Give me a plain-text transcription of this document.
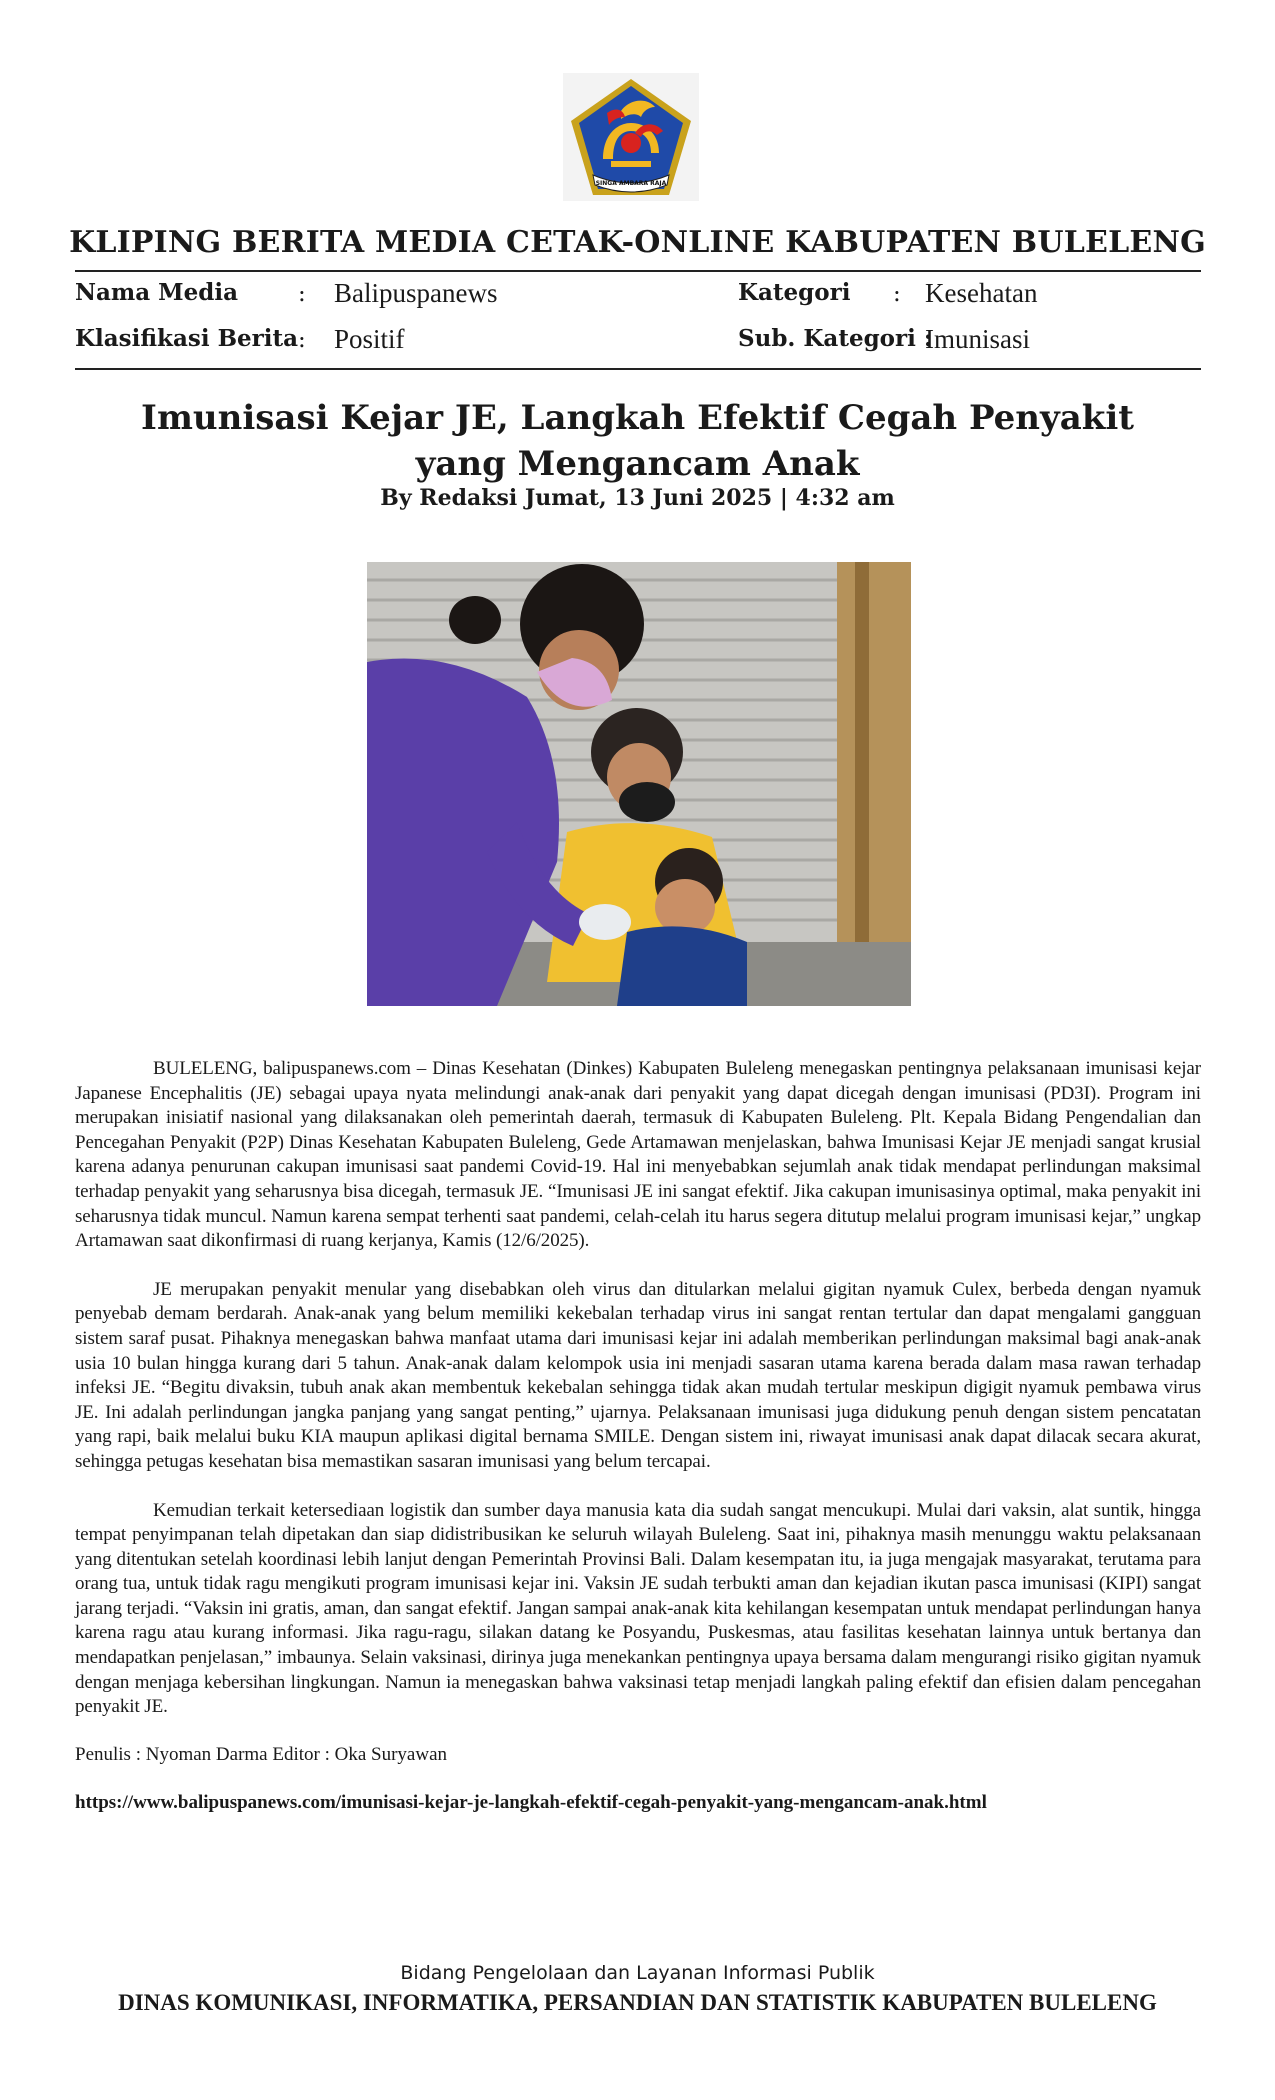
SINGA AMBARA RAJA
KLIPING BERITA MEDIA CETAK-ONLINE KABUPATEN BULELENG
Nama Media	: Balipuspanews
Klasifikasi Berita : Positif
Kategori : Kesehatan
Sub. Kategori :
Imunisasi
Imunisasi Kejar JE, Langkah Efektif Cegah Penyakit
yang Mengancam Anak
By Redaksi Jumat, 13 Juni 2025 | 4:32 am

BULELENG, balipuspanews.com – Dinas Kesehatan (Dinkes) Kabupaten Buleleng menegaskan pentingnya pelaksanaan imunisasi kejar Japanese Encephalitis (JE) sebagai upaya nyata melindungi anak-anak dari penyakit yang dapat dicegah dengan imunisasi (PD3I). Program ini merupakan inisiatif nasional yang dilaksanakan oleh pemerintah daerah, termasuk di Kabupaten Buleleng. Plt. Kepala Bidang Pengendalian dan Pencegahan Penyakit (P2P) Dinas Kesehatan Kabupaten Buleleng, Gede Artamawan menjelaskan, bahwa Imunisasi Kejar JE menjadi sangat krusial karena adanya penurunan cakupan imunisasi saat pandemi Covid-19. Hal ini menyebabkan sejumlah anak tidak mendapat perlindungan maksimal terhadap penyakit yang seharusnya bisa dicegah, termasuk JE. “Imunisasi JE ini sangat efektif. Jika cakupan imunisasinya optimal, maka penyakit ini seharusnya tidak muncul. Namun karena sempat terhenti saat pandemi, celah-celah itu harus segera ditutup melalui program imunisasi kejar,” ungkap Artamawan saat dikonfirmasi di ruang kerjanya, Kamis (12/6/2025).

JE merupakan penyakit menular yang disebabkan oleh virus dan ditularkan melalui gigitan nyamuk Culex, berbeda dengan nyamuk penyebab demam berdarah. Anak-anak yang belum memiliki kekebalan terhadap virus ini sangat rentan tertular dan dapat mengalami gangguan sistem saraf pusat. Pihaknya menegaskan bahwa manfaat utama dari imunisasi kejar ini adalah memberikan perlindungan maksimal bagi anak-anak usia 10 bulan hingga kurang dari 5 tahun. Anak-anak dalam kelompok usia ini menjadi sasaran utama karena berada dalam masa rawan terhadap infeksi JE. “Begitu divaksin, tubuh anak akan membentuk kekebalan sehingga tidak akan mudah tertular meskipun digigit nyamuk pembawa virus JE. Ini adalah perlindungan jangka panjang yang sangat penting,” ujarnya. Pelaksanaan imunisasi juga didukung penuh dengan sistem pencatatan yang rapi, baik melalui buku KIA maupun aplikasi digital bernama SMILE. Dengan sistem ini, riwayat imunisasi anak dapat dilacak secara akurat, sehingga petugas kesehatan bisa memastikan sasaran imunisasi yang belum tercapai.

Kemudian terkait ketersediaan logistik dan sumber daya manusia kata dia sudah sangat mencukupi. Mulai dari vaksin, alat suntik, hingga tempat penyimpanan telah dipetakan dan siap didistribusikan ke seluruh wilayah Buleleng. Saat ini, pihaknya masih menunggu waktu pelaksanaan yang ditentukan setelah koordinasi lebih lanjut dengan Pemerintah Provinsi Bali. Dalam kesempatan itu, ia juga mengajak masyarakat, terutama para orang tua, untuk tidak ragu mengikuti program imunisasi kejar ini. Vaksin JE sudah terbukti aman dan kejadian ikutan pasca imunisasi (KIPI) sangat jarang terjadi. “Vaksin ini gratis, aman, dan sangat efektif. Jangan sampai anak-anak kita kehilangan kesempatan untuk mendapat perlindungan hanya karena ragu atau kurang informasi. Jika ragu-ragu, silakan datang ke Posyandu, Puskesmas, atau fasilitas kesehatan lainnya untuk bertanya dan mendapatkan penjelasan,” imbaunya. Selain vaksinasi, dirinya juga menekankan pentingnya upaya bersama dalam mengurangi risiko gigitan nyamuk dengan menjaga kebersihan lingkungan. Namun ia menegaskan bahwa vaksinasi tetap menjadi langkah paling efektif dan efisien dalam pencegahan penyakit JE.

Penulis : Nyoman Darma Editor : Oka Suryawan
https://www.balipuspanews.com/imunisasi-kejar-je-langkah-efektif-cegah-penyakit-yang-mengancam-anak.html
Bidang Pengelolaan dan Layanan Informasi Publik
DINAS KOMUNIKASI, INFORMATIKA, PERSANDIAN DAN STATISTIK KABUPATEN BULELENG
